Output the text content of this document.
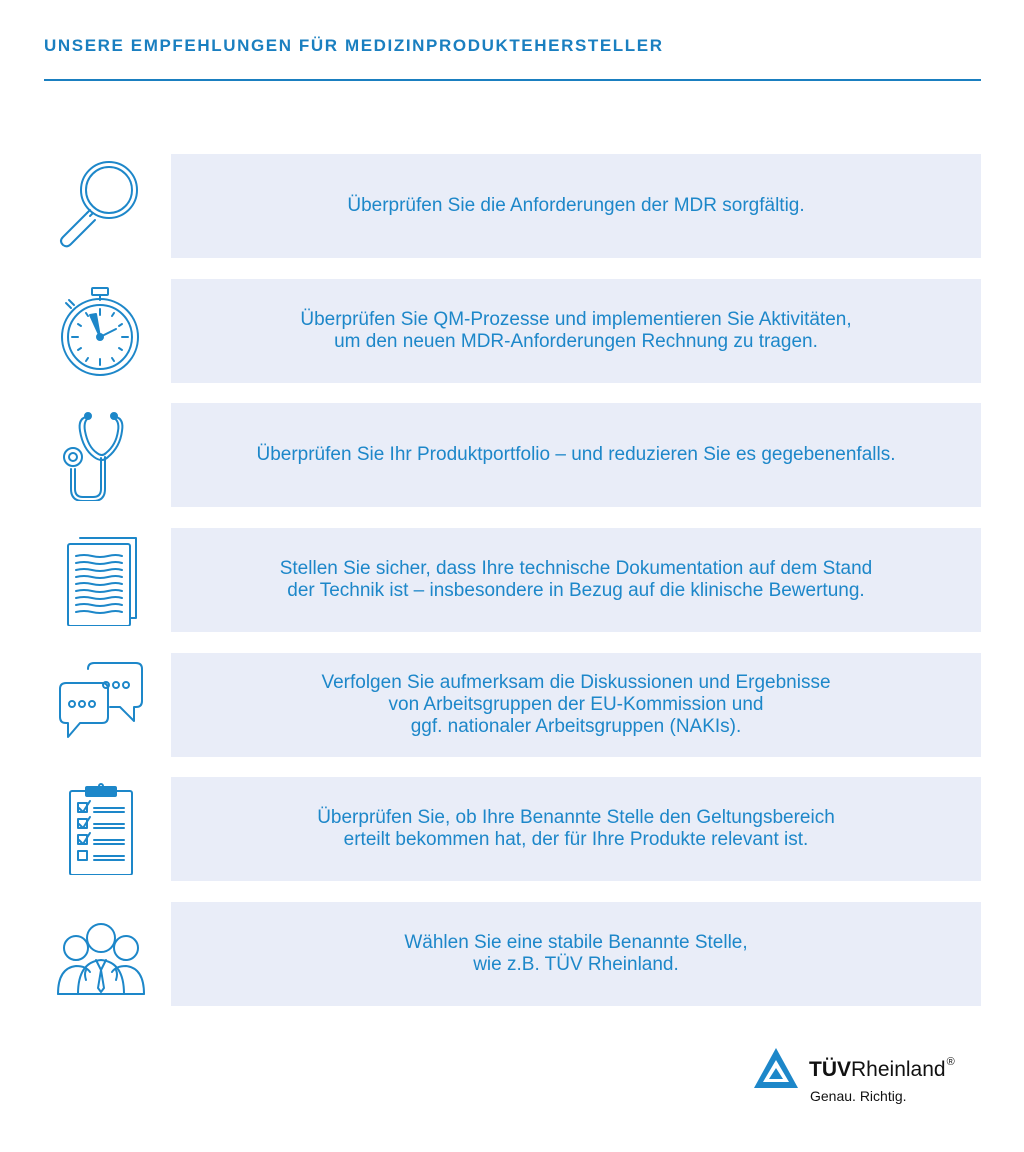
UNSERE EMPFEHLUNGEN FÜR MEDIZINPRODUKTEHERSTELLER
Überprüfen Sie die Anforderungen der MDR sorgfältig.
Überprüfen Sie QM-Prozesse und implementieren Sie Aktivitäten,
um den neuen MDR-Anforderungen Rechnung zu tragen.
Überprüfen Sie Ihr Produktportfolio – und reduzieren Sie es gegebenenfalls.
Stellen Sie sicher, dass Ihre technische Dokumentation auf dem Stand
der Technik ist – insbesondere in Bezug auf die klinische Bewertung.
Verfolgen Sie aufmerksam die Diskussionen und Ergebnisse
von Arbeitsgruppen der EU-Kommission und
ggf. nationaler Arbeitsgruppen (NAKIs).
Überprüfen Sie, ob Ihre Benannte Stelle den Geltungsbereich
erteilt bekommen hat, der für Ihre Produkte relevant ist.
Wählen Sie eine stabile Benannte Stelle,
wie z.B. TÜV Rheinland.
TÜVRheinland®
Genau. Richtig.
